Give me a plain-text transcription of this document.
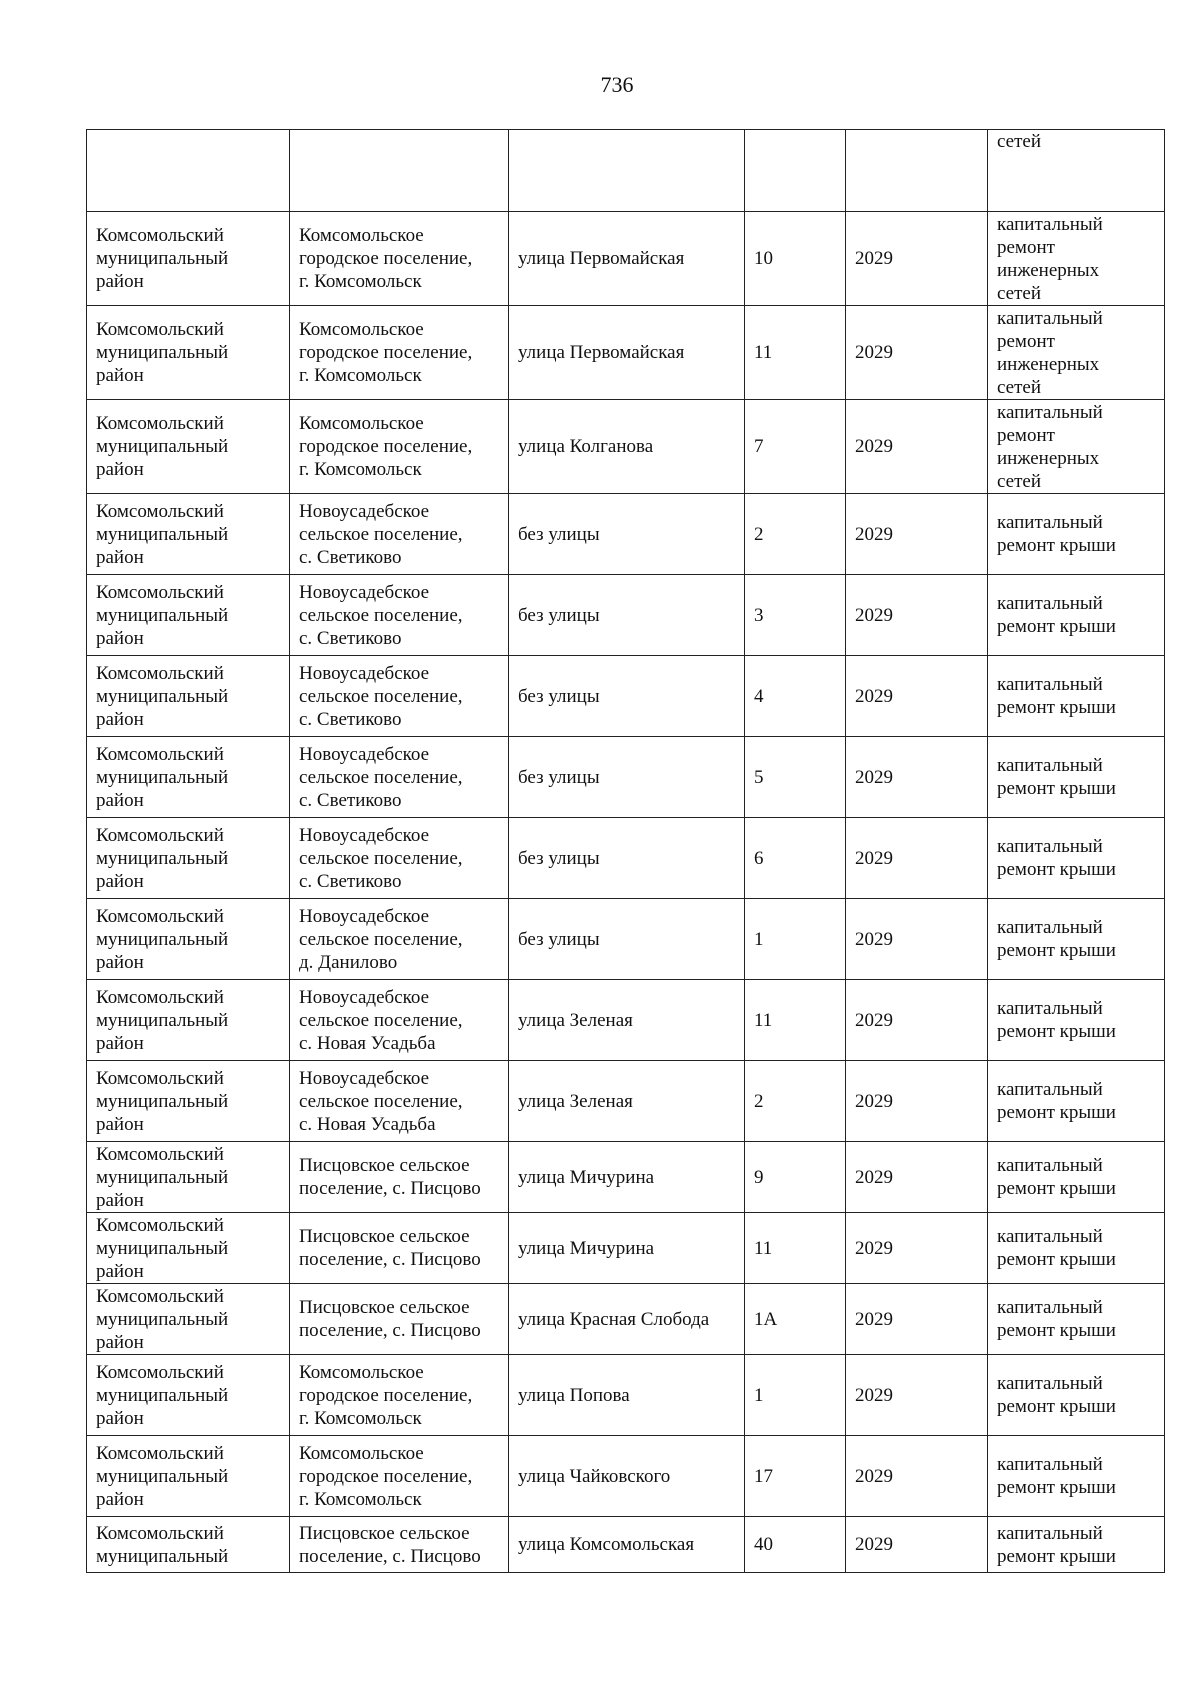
736
					сетей
Комсомольский
муниципальный
район	Комсомольское
городское поселение,
г. Комсомольск	улица Первомайская	10	2029	капитальный
ремонт
инженерных
сетей
Комсомольский
муниципальный
район	Комсомольское
городское поселение,
г. Комсомольск	улица Первомайская	11	2029	капитальный
ремонт
инженерных
сетей
Комсомольский
муниципальный
район	Комсомольское
городское поселение,
г. Комсомольск	улица Колганова	7	2029	капитальный
ремонт
инженерных
сетей
Комсомольский
муниципальный
район	Новоусадебское
сельское поселение,
с. Светиково	без улицы	2	2029	капитальный
ремонт крыши
Комсомольский
муниципальный
район	Новоусадебское
сельское поселение,
с. Светиково	без улицы	3	2029	капитальный
ремонт крыши
Комсомольский
муниципальный
район	Новоусадебское
сельское поселение,
с. Светиково	без улицы	4	2029	капитальный
ремонт крыши
Комсомольский
муниципальный
район	Новоусадебское
сельское поселение,
с. Светиково	без улицы	5	2029	капитальный
ремонт крыши
Комсомольский
муниципальный
район	Новоусадебское
сельское поселение,
с. Светиково	без улицы	6	2029	капитальный
ремонт крыши
Комсомольский
муниципальный
район	Новоусадебское
сельское поселение,
д. Данилово	без улицы	1	2029	капитальный
ремонт крыши
Комсомольский
муниципальный
район	Новоусадебское
сельское поселение,
с. Новая Усадьба	улица Зеленая	11	2029	капитальный
ремонт крыши
Комсомольский
муниципальный
район	Новоусадебское
сельское поселение,
с. Новая Усадьба	улица Зеленая	2	2029	капитальный
ремонт крыши
Комсомольский
муниципальный
район	Писцовское сельское
поселение, с. Писцово	улица Мичурина	9	2029	капитальный
ремонт крыши
Комсомольский
муниципальный
район	Писцовское сельское
поселение, с. Писцово	улица Мичурина	11	2029	капитальный
ремонт крыши
Комсомольский
муниципальный
район	Писцовское сельское
поселение, с. Писцово	улица Красная Слобода	1А	2029	капитальный
ремонт крыши
Комсомольский
муниципальный
район	Комсомольское
городское поселение,
г. Комсомольск	улица Попова	1	2029	капитальный
ремонт крыши
Комсомольский
муниципальный
район	Комсомольское
городское поселение,
г. Комсомольск	улица Чайковского	17	2029	капитальный
ремонт крыши
Комсомольский
муниципальный	Писцовское сельское
поселение, с. Писцово	улица Комсомольская	40	2029	капитальный
ремонт крыши
